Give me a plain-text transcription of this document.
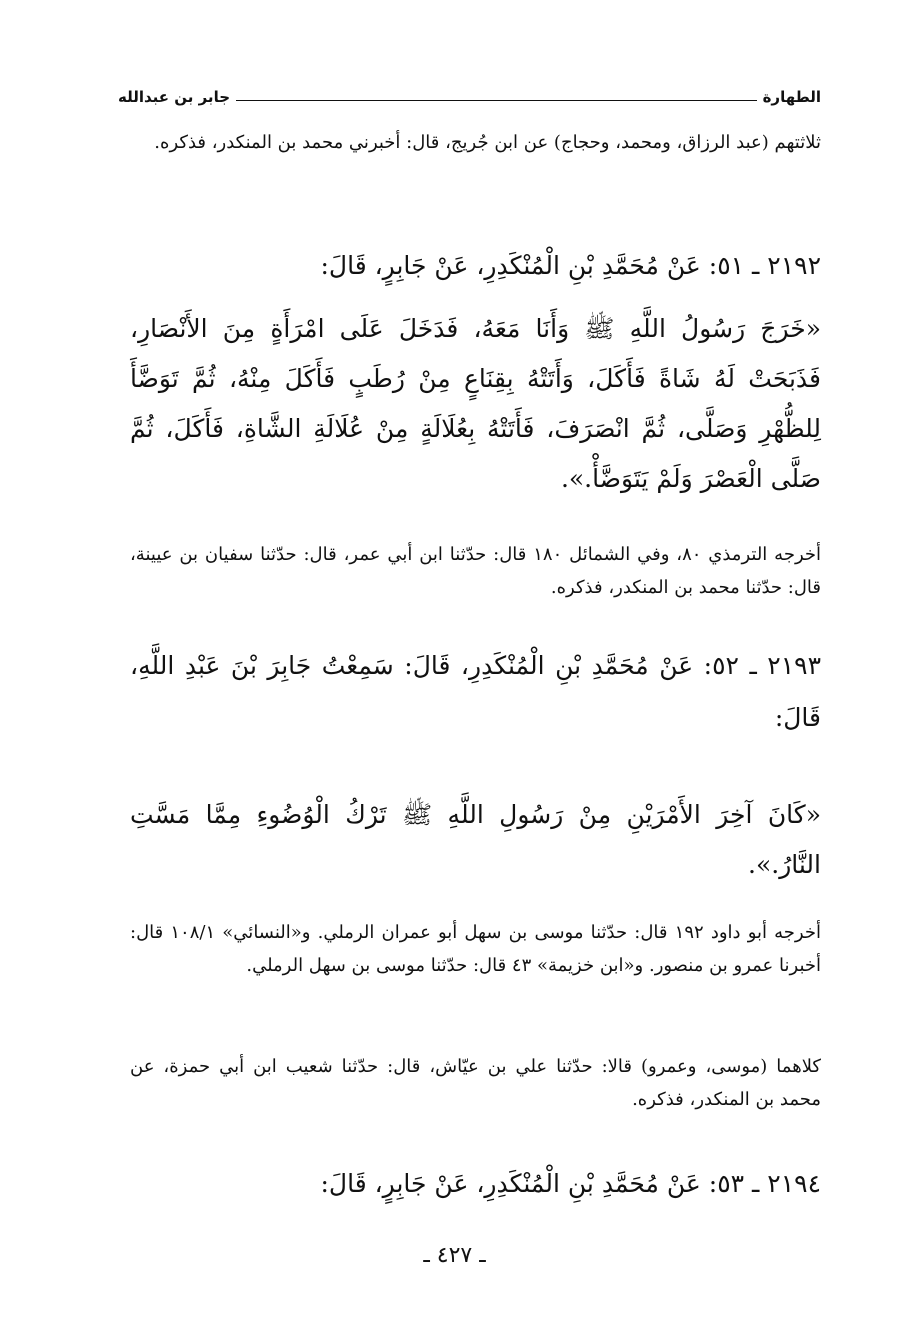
الطهارة
جابر بن عبدالله

ثلاثتهم (عبد الرزاق، ومحمد، وحجاج) عن ابن جُريج، قال: أخبرني محمد بن المنكدر، فذكره.

٢١٩٢ ـ ٥١: عَنْ مُحَمَّدِ بْنِ الْمُنْكَدِرِ، عَنْ جَابِرٍ، قَالَ:

«خَرَجَ رَسُولُ اللَّهِ ﷺ وَأَنَا مَعَهُ، فَدَخَلَ عَلَى امْرَأَةٍ مِنَ الأَنْصَارِ، فَذَبَحَتْ لَهُ شَاةً فَأَكَلَ، وَأَتَتْهُ بِقِنَاعٍ مِنْ رُطَبٍ فَأَكَلَ مِنْهُ، ثُمَّ تَوَضَّأَ لِلظُّهْرِ وَصَلَّى، ثُمَّ انْصَرَفَ، فَأَتَتْهُ بِعُلَالَةٍ مِنْ عُلَالَةِ الشَّاةِ، فَأَكَلَ، ثُمَّ صَلَّى الْعَصْرَ وَلَمْ يَتَوَضَّأْ.».

أخرجه الترمذي ٨٠، وفي الشمائل ١٨٠ قال: حدّثنا ابن أبي عمر، قال: حدّثنا سفيان بن عيينة، قال: حدّثنا محمد بن المنكدر، فذكره.

٢١٩٣ ـ ٥٢: عَنْ مُحَمَّدِ بْنِ الْمُنْكَدِرِ، قَالَ: سَمِعْتُ جَابِرَ بْنَ عَبْدِ اللَّهِ، قَالَ:

«كَانَ آخِرَ الأَمْرَيْنِ مِنْ رَسُولِ اللَّهِ ﷺ تَرْكُ الْوُضُوءِ مِمَّا مَسَّتِ النَّارُ.».

أخرجه أبو داود ١٩٢ قال: حدّثنا موسى بن سهل أبو عمران الرملي. و«النسائي» ١٠٨/١ قال: أخبرنا عمرو بن منصور. و«ابن خزيمة» ٤٣ قال: حدّثنا موسى بن سهل الرملي.

كلاهما (موسى، وعمرو) قالا: حدّثنا علي بن عيّاش، قال: حدّثنا شعيب ابن أبي حمزة، عن محمد بن المنكدر، فذكره.

٢١٩٤ ـ ٥٣: عَنْ مُحَمَّدِ بْنِ الْمُنْكَدِرِ، عَنْ جَابِرٍ، قَالَ:

ـ ٤٢٧ ـ
